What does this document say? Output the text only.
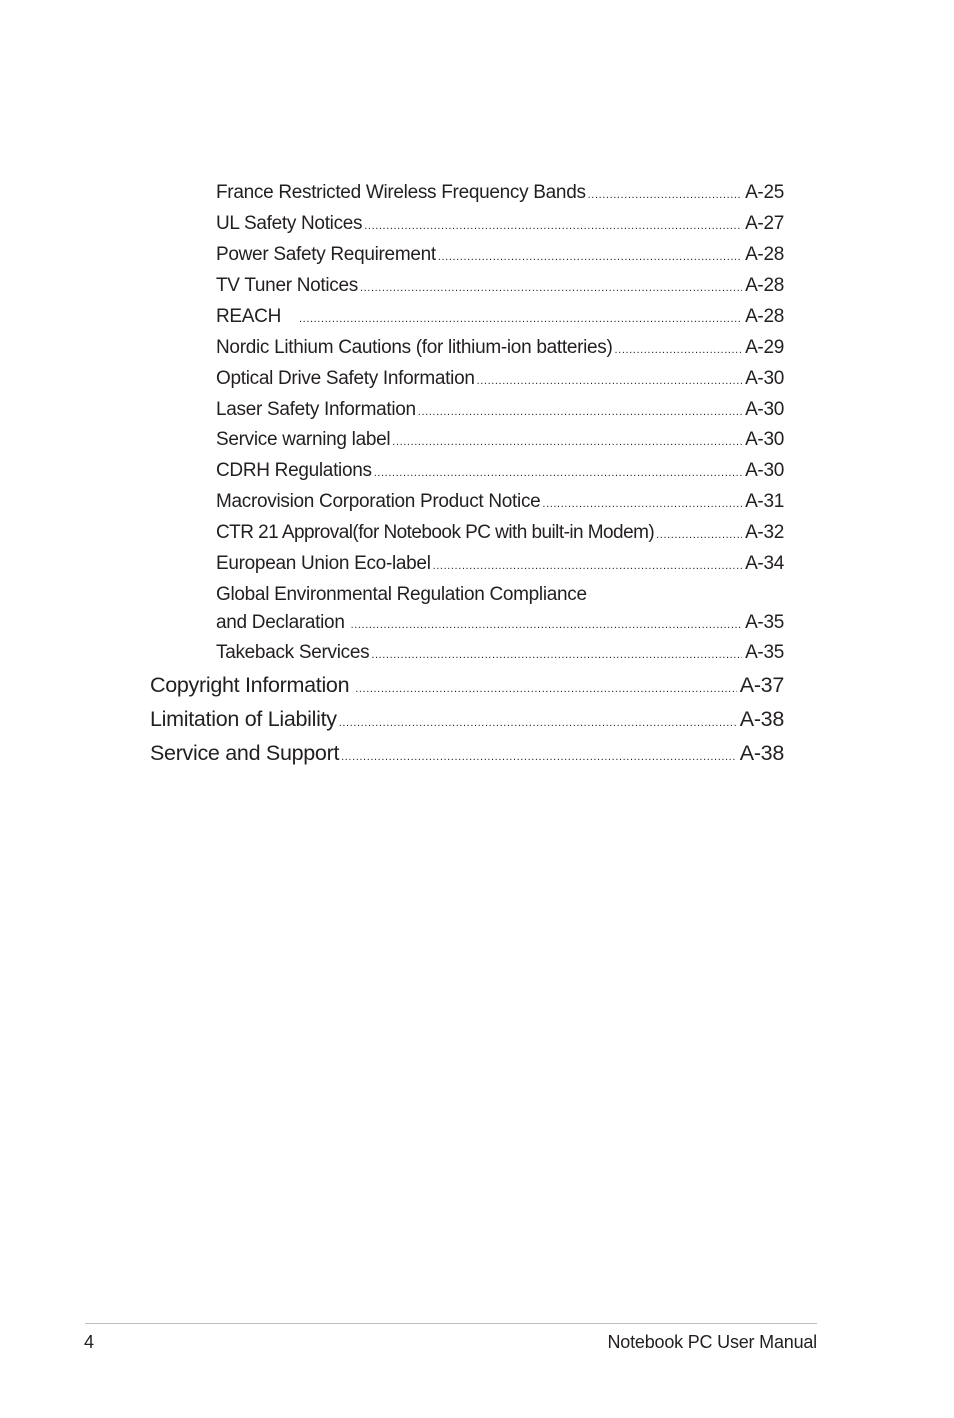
France Restricted Wireless Frequency Bands .....	A-25
UL Safety Notices .....	A-27
Power Safety Requirement .....	A-28
TV Tuner Notices .....	A-28
REACH .....	A-28
Nordic Lithium Cautions (for lithium-ion batteries) .....	A-29
Optical Drive Safety Information .....	A-30
Laser Safety Information .....	A-30
Service warning label .....	A-30
CDRH Regulations .....	A-30
Macrovision Corporation Product Notice .....	A-31
CTR 21 Approval(for Notebook PC with built-in Modem) .....	A-32
European Union Eco-label .....	A-34
Global Environmental Regulation Compliance
and Declaration .....	A-35
Takeback Services .....	A-35
Copyright Information .....	A-37
Limitation of Liability .....	A-38
Service and Support .....	A-38
4	Notebook PC User Manual
